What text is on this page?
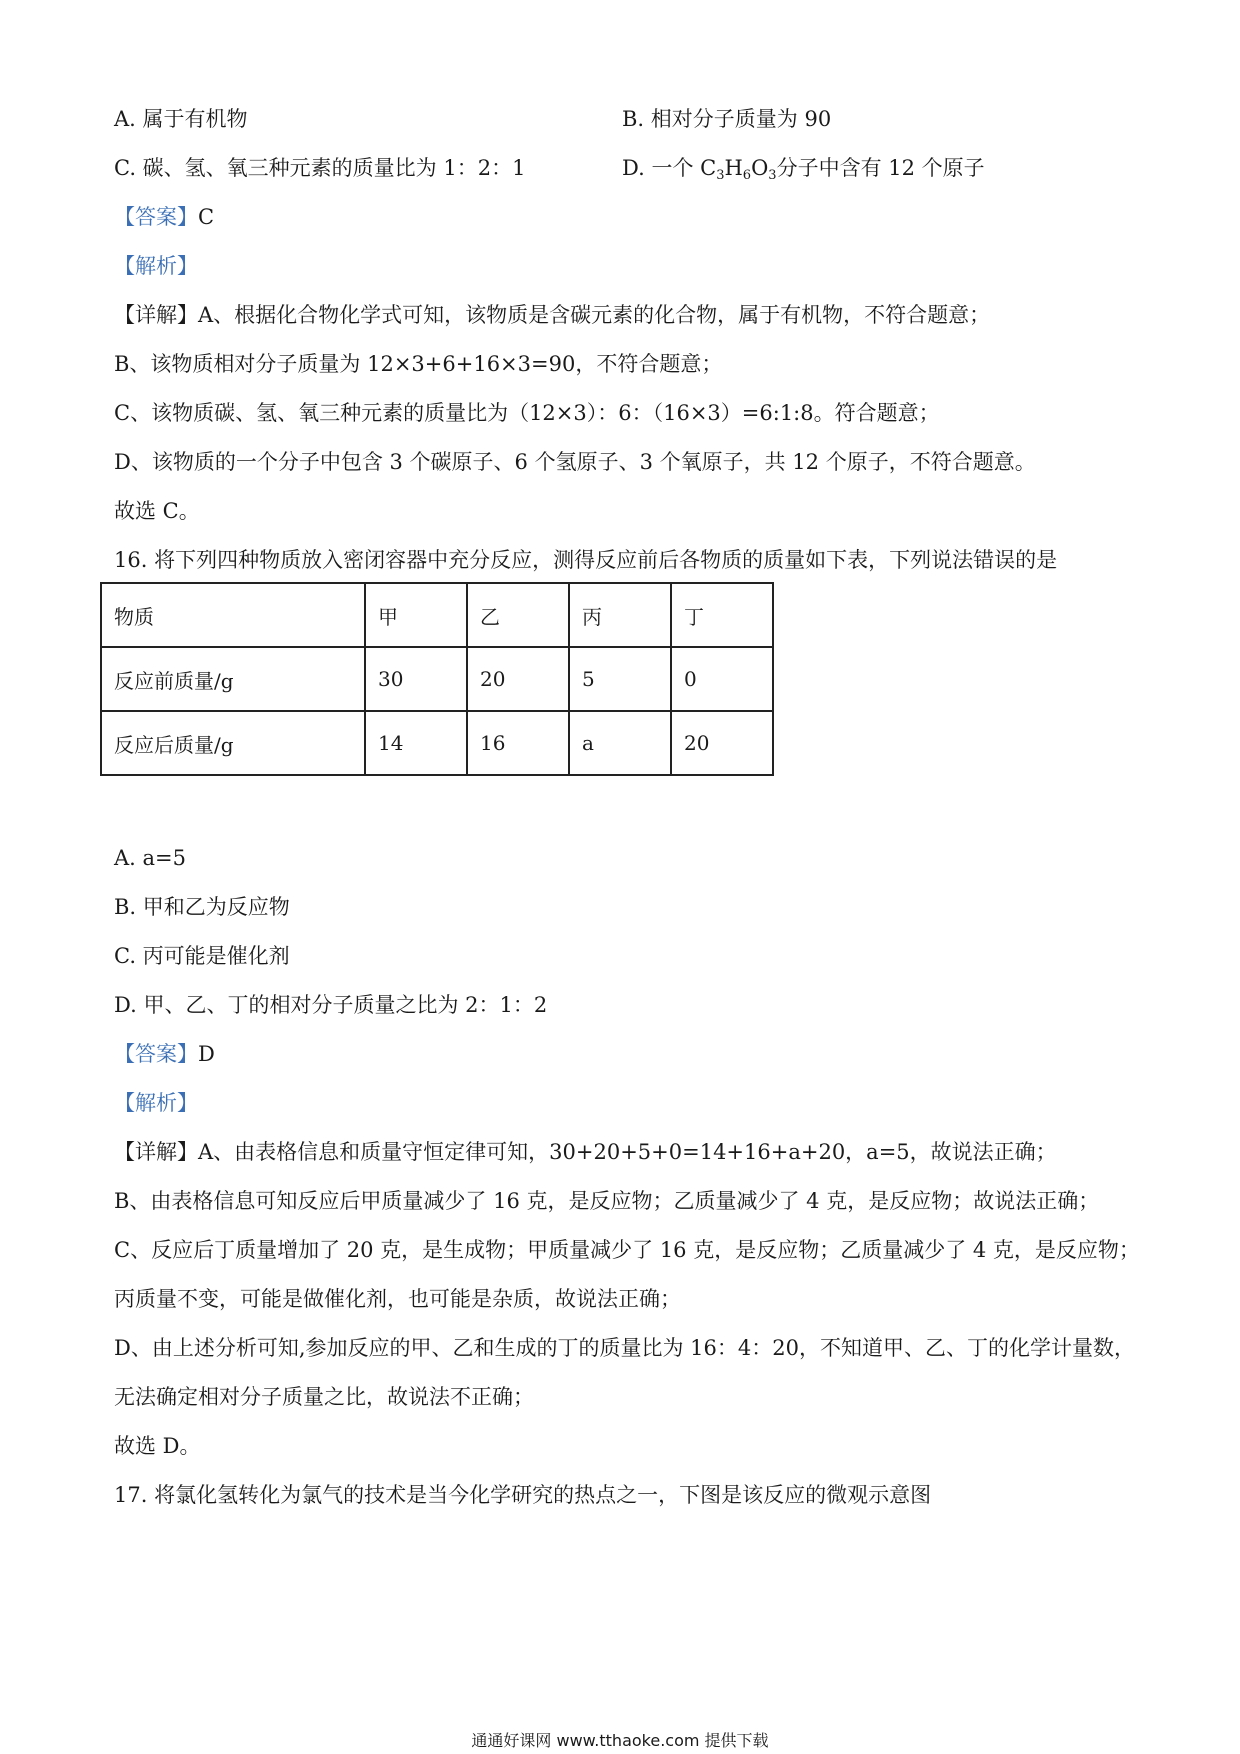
A. 属于有机物	B. 相对分子质量为 90
C. 碳、氢、氧三种元素的质量比为 1：2：1	D. 一个 $C_3H_6O_3$分子中含有 12 个原子
【答案】C
【解析】
【详解】A、根据化合物化学式可知，该物质是含碳元素的化合物，属于有机物，不符合题意；
B、该物质相对分子质量为 12×3+6+16×3=90，不符合题意；
C、该物质碳、氢、氧三种元素的质量比为（12×3）：6：（16×3）=6:1:8。符合题意；
D、该物质的一个分子中包含 3 个碳原子、6 个氢原子、3 个氧原子，共 12 个原子，不符合题意。
故选 C。
16. 将下列四种物质放入密闭容器中充分反应，测得反应前后各物质的质量如下表，下列说法错误的是
物质	甲	乙	丙	丁
反应前质量/g	30	20	5	0
反应后质量/g	14	16	a	20
A. a=5
B. 甲和乙为反应物
C. 丙可能是催化剂
D. 甲、乙、丁的相对分子质量之比为 2：1：2
【答案】D
【解析】
【详解】A、由表格信息和质量守恒定律可知，30+20+5+0=14+16+a+20，a=5，故说法正确；
B、由表格信息可知反应后甲质量减少了 16 克，是反应物；乙质量减少了 4 克，是反应物；故说法正确；
C、反应后丁质量增加了 20 克，是生成物；甲质量减少了 16 克，是反应物；乙质量减少了 4 克，是反应物；
丙质量不变，可能是做催化剂，也可能是杂质，故说法正确；
D、由上述分析可知,参加反应的甲、乙和生成的丁的质量比为 16：4：20，不知道甲、乙、丁的化学计量数，
无法确定相对分子质量之比，故说法不正确；
故选 D。
17. 将氯化氢转化为氯气的技术是当今化学研究的热点之一，下图是该反应的微观示意图
通通好课网 www.tthaoke.com 提供下载
